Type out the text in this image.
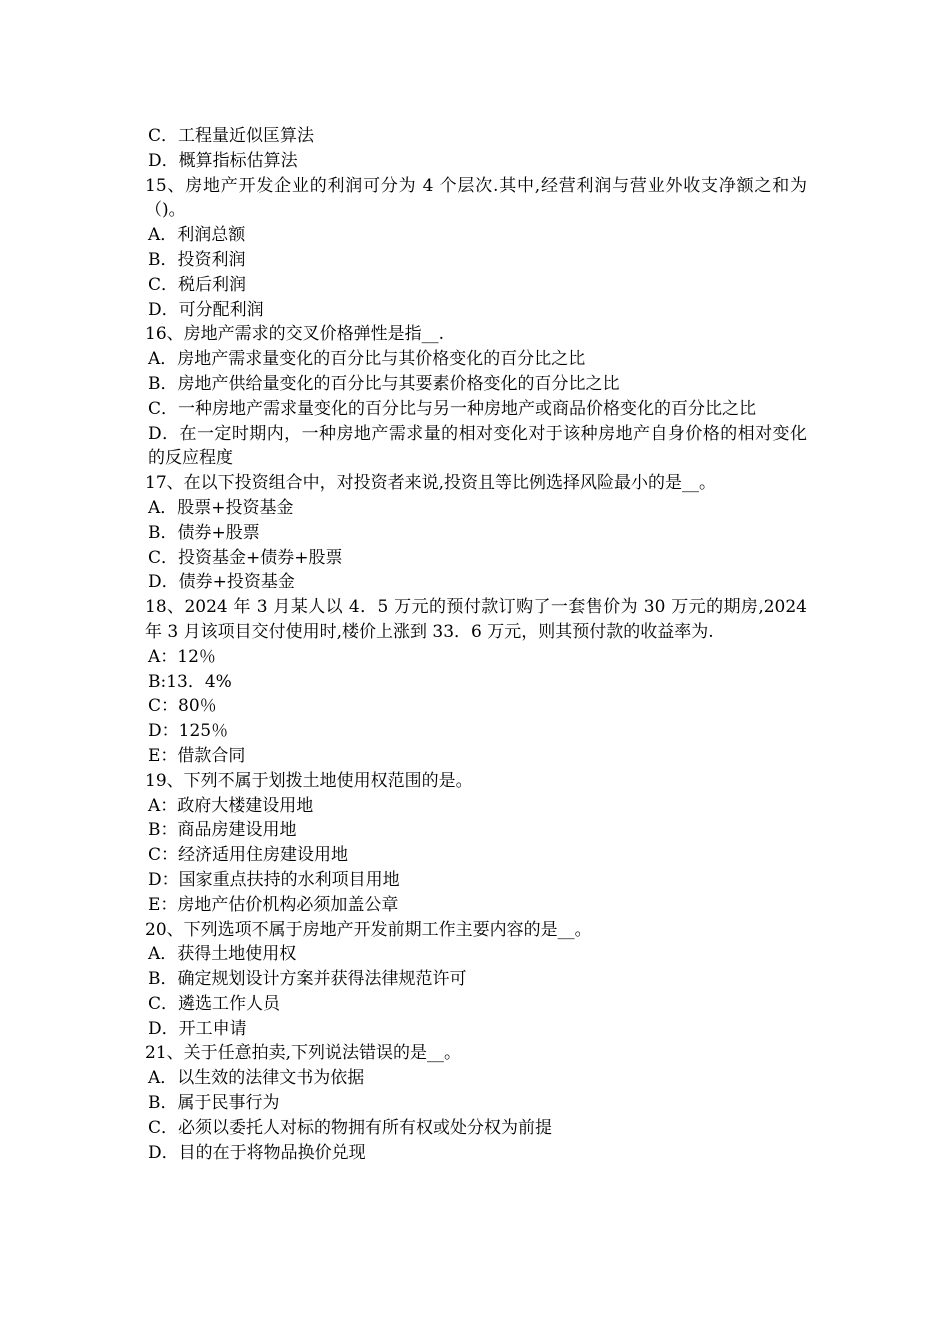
C．工程量近似匡算法

D．概算指标估算法

15、房地产开发企业的利润可分为 4 个层次.其中,经营利润与营业外收支净额之和为（)。

A．利润总额

B．投资利润

C．税后利润

D．可分配利润

16、房地产需求的交叉价格弹性是指__.

A．房地产需求量变化的百分比与其价格变化的百分比之比

B．房地产供给量变化的百分比与其要素价格变化的百分比之比

C．一种房地产需求量变化的百分比与另一种房地产或商品价格变化的百分比之比

D．在一定时期内，一种房地产需求量的相对变化对于该种房地产自身价格的相对变化的反应程度

17、在以下投资组合中，对投资者来说,投资且等比例选择风险最小的是__。

A．股票+投资基金

B．债券+股票

C．投资基金+债券+股票

D．债券+投资基金

18、2024 年 3 月某人以 4．5 万元的预付款订购了一套售价为 30 万元的期房,2024 年 3 月该项目交付使用时,楼价上涨到 33．6 万元，则其预付款的收益率为.

A：12％

B:13．4%

C：80％

D：125％

E：借款合同

19、下列不属于划拨土地使用权范围的是。

A：政府大楼建设用地

B：商品房建设用地

C：经济适用住房建设用地

D：国家重点扶持的水利项目用地

E：房地产估价机构必须加盖公章

20、下列选项不属于房地产开发前期工作主要内容的是__。

A．获得土地使用权

B．确定规划设计方案并获得法律规范许可

C．遴选工作人员

D．开工申请

21、关于任意拍卖,下列说法错误的是__。

A．以生效的法律文书为依据

B．属于民事行为

C．必须以委托人对标的物拥有所有权或处分权为前提

D．目的在于将物品换价兑现
